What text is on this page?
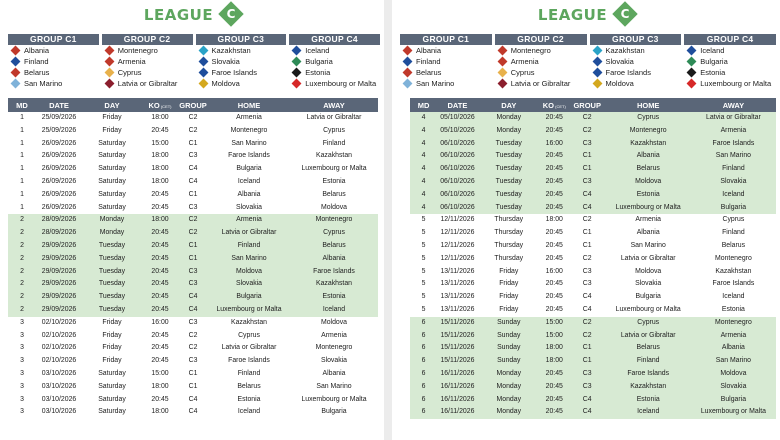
LEAGUE C
GROUP C1
Albania
Finland
Belarus
San Marino
GROUP C2
Montenegro
Armenia
Cyprus
Latvia or Gibraltar
GROUP C3
Kazakhstan
Slovakia
Faroe Islands
Moldova
GROUP C4
Iceland
Bulgaria
Estonia
Luxembourg or Malta
MD	DATE	DAY	KO (CET)	GROUP	HOME	AWAY
1	25/09/2026	Friday	18:00	C2	Armenia	Latvia or Gibraltar
1	25/09/2026	Friday	20:45	C2	Montenegro	Cyprus
1	26/09/2026	Saturday	15:00	C1	San Marino	Finland
1	26/09/2026	Saturday	18:00	C3	Faroe Islands	Kazakhstan
1	26/09/2026	Saturday	18:00	C4	Bulgaria	Luxembourg or Malta
1	26/09/2026	Saturday	18:00	C4	Iceland	Estonia
1	26/09/2026	Saturday	20:45	C1	Albania	Belarus
1	26/09/2026	Saturday	20:45	C3	Slovakia	Moldova
2	28/09/2026	Monday	18:00	C2	Armenia	Montenegro
2	28/09/2026	Monday	20:45	C2	Latvia or Gibraltar	Cyprus
2	29/09/2026	Tuesday	20:45	C1	Finland	Belarus
2	29/09/2026	Tuesday	20:45	C1	San Marino	Albania
2	29/09/2026	Tuesday	20:45	C3	Moldova	Faroe Islands
2	29/09/2026	Tuesday	20:45	C3	Slovakia	Kazakhstan
2	29/09/2026	Tuesday	20:45	C4	Bulgaria	Estonia
2	29/09/2026	Tuesday	20:45	C4	Luxembourg or Malta	Iceland
3	02/10/2026	Friday	16:00	C3	Kazakhstan	Moldova
3	02/10/2026	Friday	20:45	C2	Cyprus	Armenia
3	02/10/2026	Friday	20:45	C2	Latvia or Gibraltar	Montenegro
3	02/10/2026	Friday	20:45	C3	Faroe Islands	Slovakia
3	03/10/2026	Saturday	15:00	C1	Finland	Albania
3	03/10/2026	Saturday	18:00	C1	Belarus	San Marino
3	03/10/2026	Saturday	20:45	C4	Estonia	Luxembourg or Malta
3	03/10/2026	Saturday	18:00	C4	Iceland	Bulgaria
LEAGUE C
GROUP C1
Albania
Finland
Belarus
San Marino
GROUP C2
Montenegro
Armenia
Cyprus
Latvia or Gibraltar
GROUP C3
Kazakhstan
Slovakia
Faroe Islands
Moldova
GROUP C4
Iceland
Bulgaria
Estonia
Luxembourg or Malta
MD	DATE	DAY	KO (CET)	GROUP	HOME	AWAY
4	05/10/2026	Monday	20:45	C2	Cyprus	Latvia or Gibraltar
4	05/10/2026	Monday	20:45	C2	Montenegro	Armenia
4	06/10/2026	Tuesday	16:00	C3	Kazakhstan	Faroe Islands
4	06/10/2026	Tuesday	20:45	C1	Albania	San Marino
4	06/10/2026	Tuesday	20:45	C1	Belarus	Finland
4	06/10/2026	Tuesday	20:45	C3	Moldova	Slovakia
4	06/10/2026	Tuesday	20:45	C4	Estonia	Iceland
4	06/10/2026	Tuesday	20:45	C4	Luxembourg or Malta	Bulgaria
5	12/11/2026	Thursday	18:00	C2	Armenia	Cyprus
5	12/11/2026	Thursday	20:45	C1	Albania	Finland
5	12/11/2026	Thursday	20:45	C1	San Marino	Belarus
5	12/11/2026	Thursday	20:45	C2	Latvia or Gibraltar	Montenegro
5	13/11/2026	Friday	16:00	C3	Moldova	Kazakhstan
5	13/11/2026	Friday	20:45	C3	Slovakia	Faroe Islands
5	13/11/2026	Friday	20:45	C4	Bulgaria	Iceland
5	13/11/2026	Friday	20:45	C4	Luxembourg or Malta	Estonia
6	15/11/2026	Sunday	15:00	C2	Cyprus	Montenegro
6	15/11/2026	Sunday	15:00	C2	Latvia or Gibraltar	Armenia
6	15/11/2026	Sunday	18:00	C1	Belarus	Albania
6	15/11/2026	Sunday	18:00	C1	Finland	San Marino
6	16/11/2026	Monday	20:45	C3	Faroe Islands	Moldova
6	16/11/2026	Monday	20:45	C3	Kazakhstan	Slovakia
6	16/11/2026	Monday	20:45	C4	Estonia	Bulgaria
6	16/11/2026	Monday	20:45	C4	Iceland	Luxembourg or Malta
